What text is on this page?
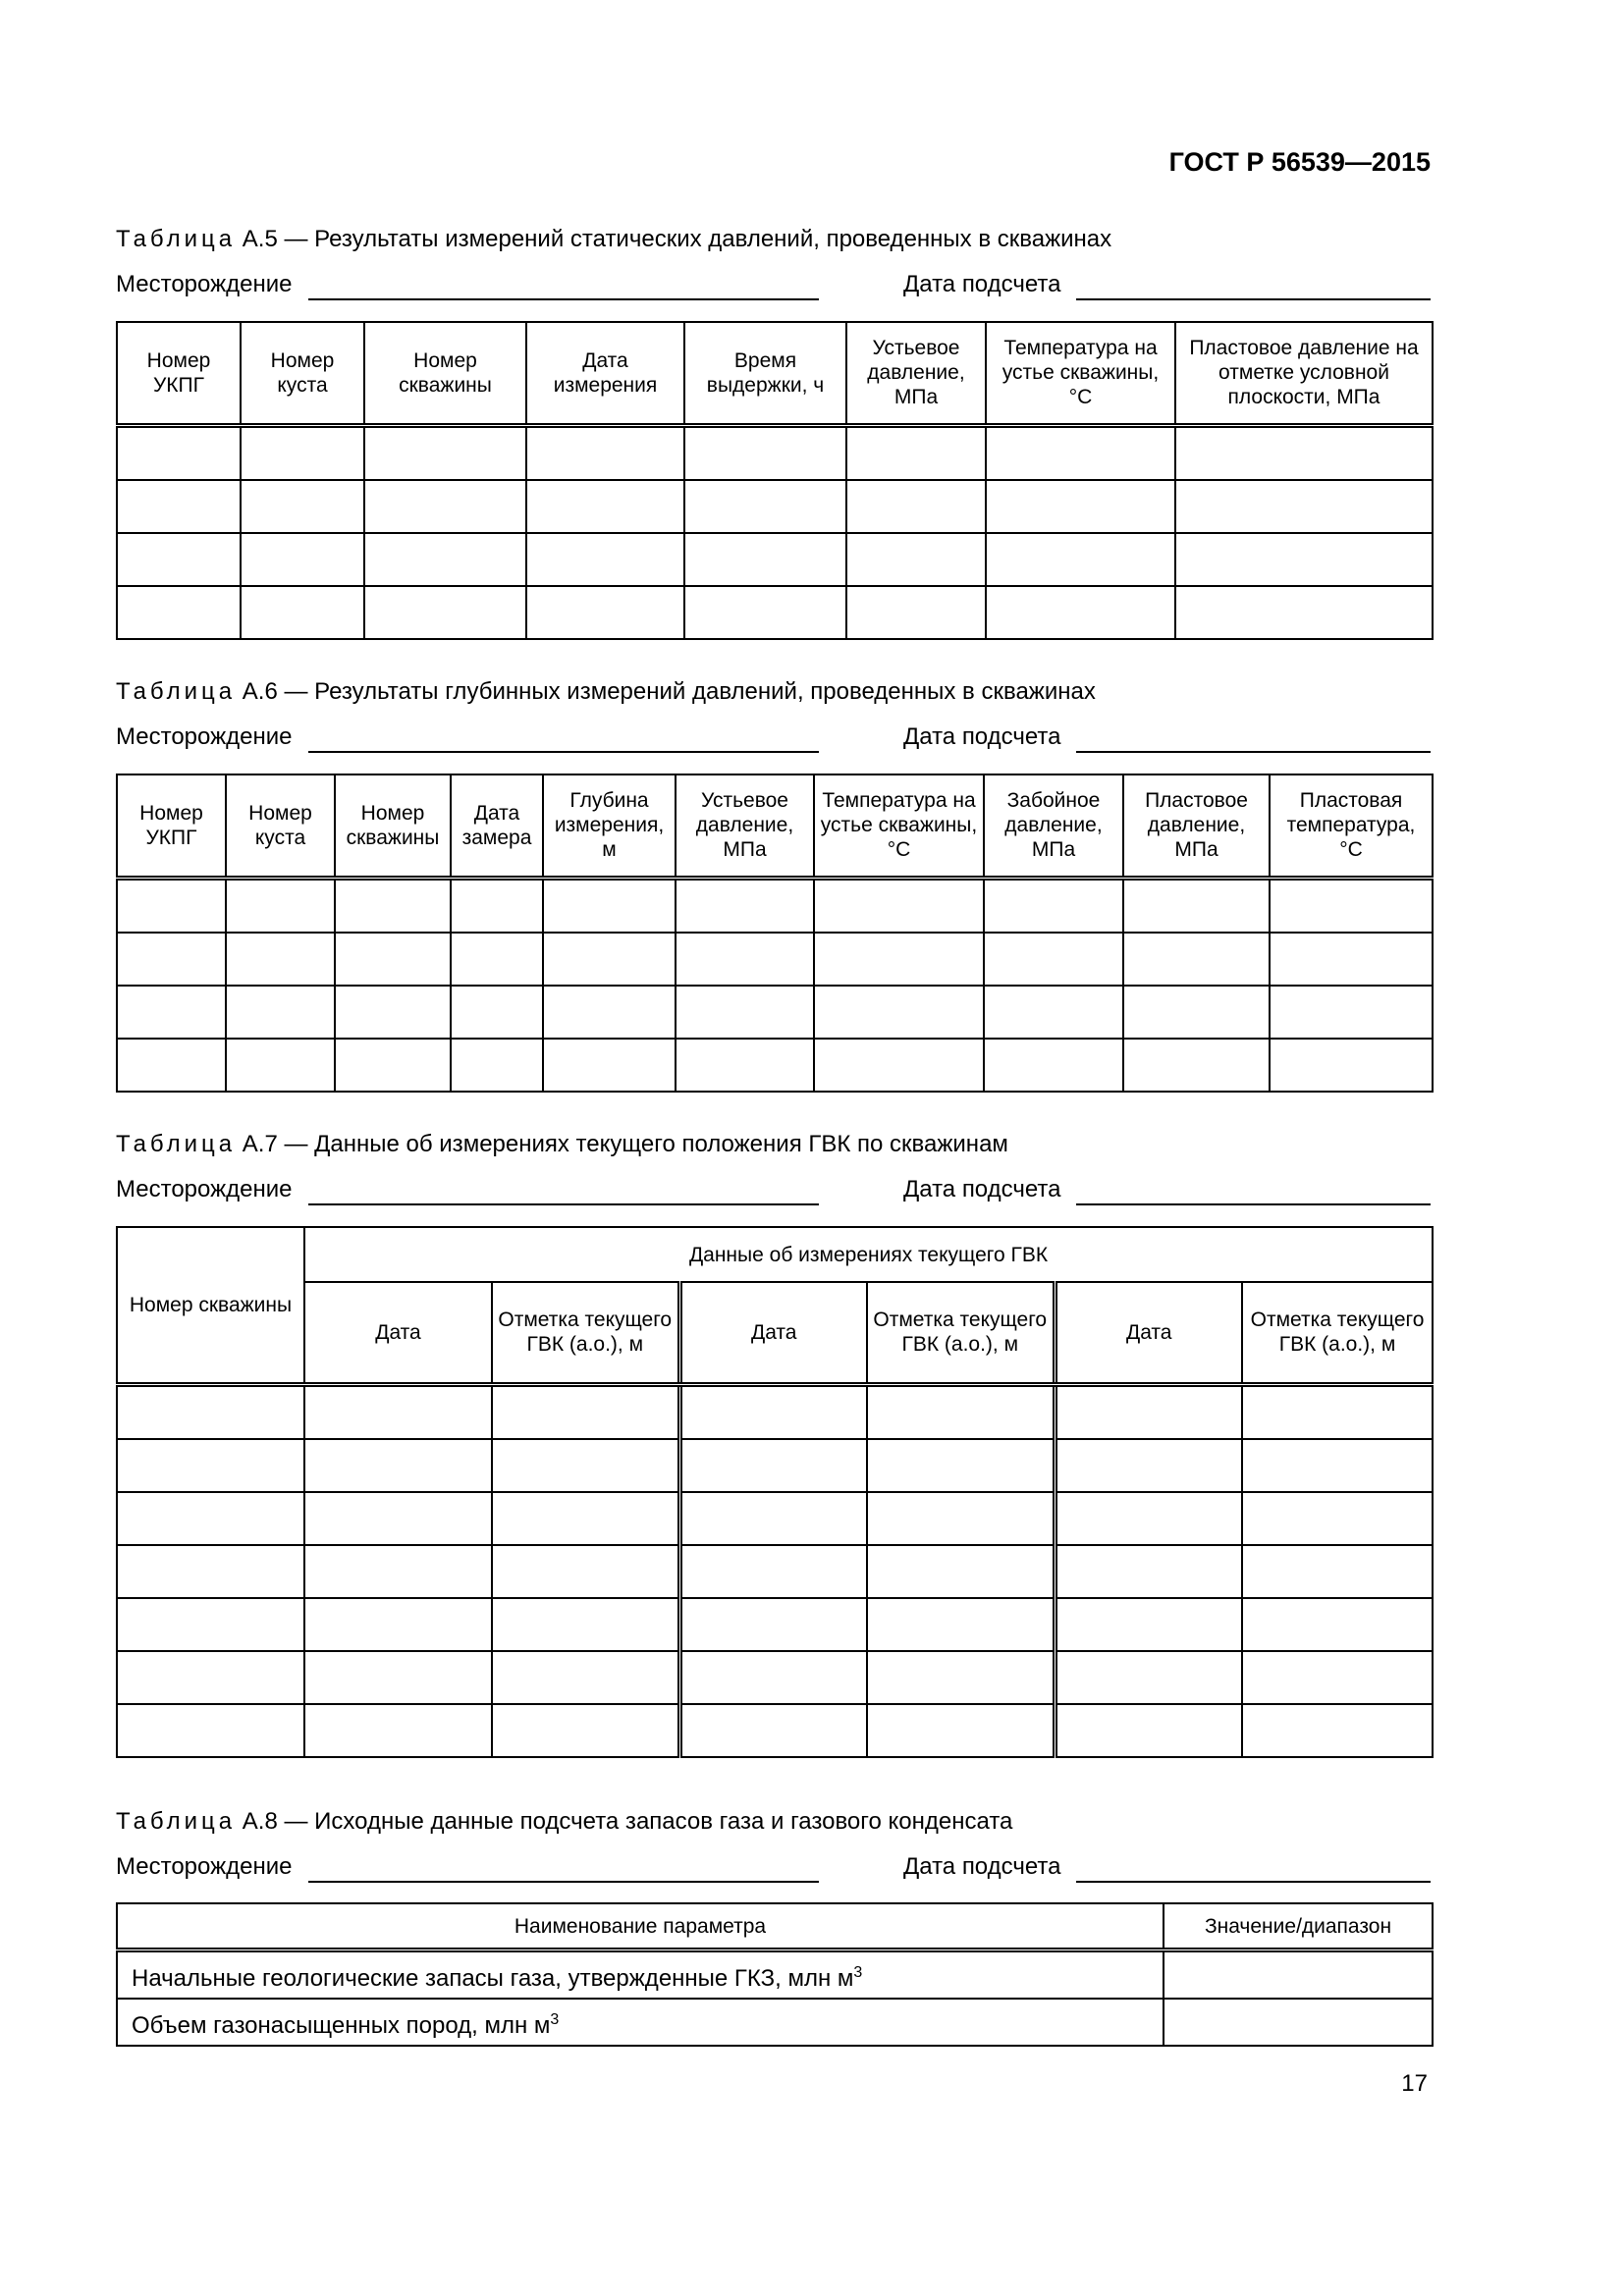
ГОСТ Р 56539—2015
Таблица А.5 — Результаты измерений статических давлений, проведенных в скважинах
Месторождение	Дата подсчета
Номер УКПГ	Номер куста	Номер скважины	Дата измерения	Время выдержки, ч	Устьевое давление, МПа	Температура на устье скважины, °С	Пластовое давление на отметке условной плоскости, МПа

Таблица А.6 — Результаты глубинных измерений давлений, проведенных в скважинах
Месторождение	Дата подсчета
Номер УКПГ	Номер куста	Номер скважины	Дата замера	Глубина измерения, м	Устьевое давление, МПа	Температура на устье скважины, °С	Забойное давление, МПа	Пластовое давление, МПа	Пластовая температура, °С

Таблица А.7 — Данные об измерениях текущего положения ГВК по скважинам
Месторождение	Дата подсчета
Номер скважины	Данные об измерениях текущего ГВК					
	Дата	Отметка текущего ГВК (а.о.), м	Дата	Отметка текущего ГВК (а.о.), м	Дата	Отметка текущего ГВК (а.о.), м

Таблица А.8 — Исходные данные подсчета запасов газа и газового конденсата
Месторождение	Дата подсчета
Наименование параметра	Значение/диапазон
Начальные геологические запасы газа, утвержденные ГКЗ, млн $м^3$	
Объем газонасыщенных пород, млн $м^3$	
17
